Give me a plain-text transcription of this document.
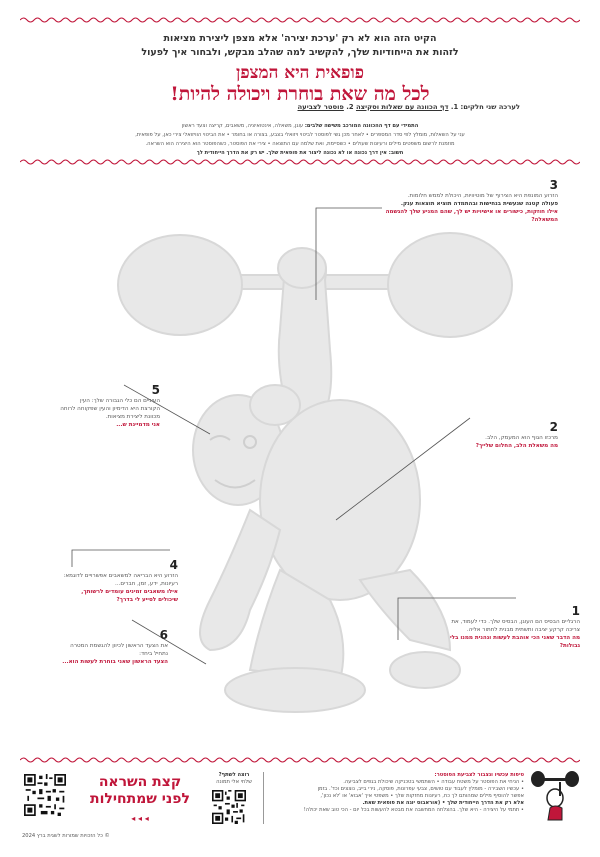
הקיט הזה הוא לא רק 'ערכת יצירה' אלא מצפן ליצירת מציאות
לזהות את הייחודיות שלך, להקשיב למה שהלב מבקש, ולבחור איך לפעול
פופאית היא המצפן
לכל מה שאת בוחרת ויכולה להיות!
לערכה שני חלקים: 1. דף הכוונה עם שאלות וסקיצה 2. פוסטר לצביעה
התמידי עם דף ההכוונה המורכב משישה שלבים: עוגן, משאלה, אינטואיציה, משאבים, קריצה וצעד ראשון
עני על השאלות, מומלץ לפי סדר המספרים • לאחר מכן גשי לפוסטר לביטוי ויזואלי בצבע, בצורה או בחומר • את הביטוי הוויזואלי צירי כאן, על פופאית,
מוזמנת לרשום משפטים מילים ורעיונות שעולים • כשסיימת, ואת שלמה עם התוצאה • צירי את הפוסטר, כשהפוסטר הוא היצירה הוא השראה.
חשוב: אין דרך נכונה או לא נכונה ליצור את פופאית שלך. יש רק את הדרך הייחודית לך
3
הזרוע המונפת היא הצירוף של מוטיוויות, היכולת לממש חלומות.
פעולה קטנה שנעשית בנחישות ובהתמדה תוציא תוצאות ענק.
אילו חוזקות, כישורים או אישיויות יש לך, שהם המניע שלך להגשמה המשאלה?
2
מרכזו הגוף הוא המעמק, הלב.
מה משאלת הלב, החלום שלייך?
5
העיניים הם כלי הגבורה שלך: העין הקורצת היא הדימיון והעין שפקוחה לרוחה מכוונת ליצירת מציאות.
אני מדמיינת ש...
4
הזרוע היא הבריאה למשאבים אפשרויים לדוגמא: רעיונות, ידע, זמן, חברים...
אילו משאבים זמינים עומדים לרשותך, שיכולים לסייע לי בדרך?
6
את הצעד הראשון לכיוון להגשמת המטרה נתחיל ביחד:
הצעד הראשון שאני בוחרת לעשות הוא...
1
הרגליים הבסיס הם העוגן, הבסיס שלך. כדי לעמוד, את צריכה קרקע יציבה ותשתית מבנית לחתור אליה.
מה הדבר שאני הכי אוהבת לעשות ונהנית ממנו בלי גבולות?
טיפות עכשיו ונצבור לצביעת הפוסטר:
• הניחי את הפוסטר על משטח עבודה • השתמשי בטכניקה שיכולת בגפים לצביעה.
• עכשיו השבירה - מומלץ לעבוד עם טושים, צבעי עפרונות, פוסקה, נירי בייב, נוצצים וכד'. בזמן
אפשר להוסיף מילים שמהותם לך כח, רעיונות מחזקות שלך • משפטי איך 'אבוא' או 'לא נכון',
אלא רק את הדרך הייחודית שלך • (אוראבוס יוגה את פופאית שאת.
• תתמי על היצירה - היא שלך. בהצלחה המחשבה את מבטא להעשות בכל יום - הכי טוב שאת יכולה!
רוצה לשתף?
שלחי אלי תמונה
קצת השראה
לפני שמתחילות
◂ ◂ ◂
© כל הזכויות שמורות לשגית ברץ 2024
